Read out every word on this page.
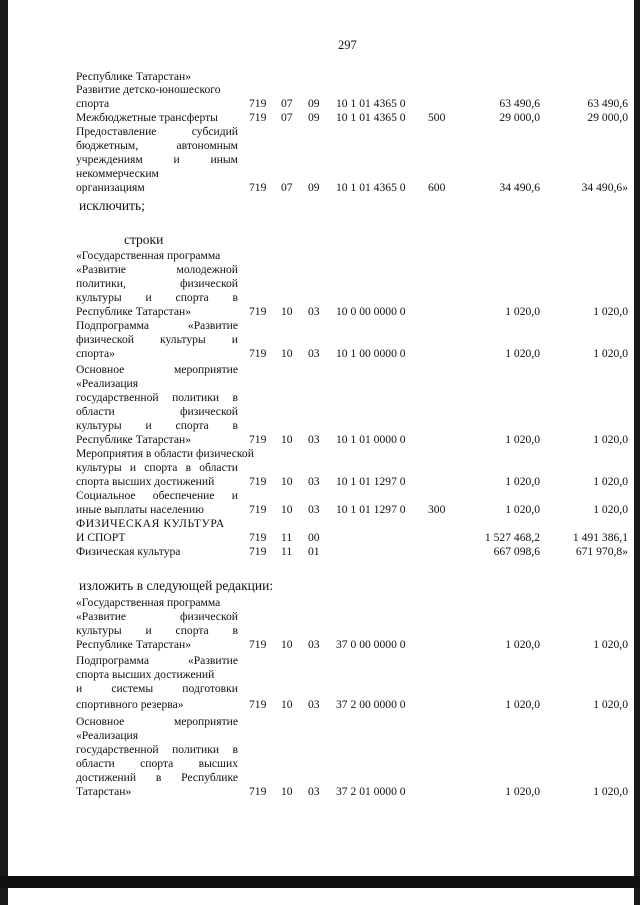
297
Республике Татарстан»
Развитие детско-юношеского
спорта	719 07 09 10 1 01 4365 0	63 490,6	63 490,6
Межбюджетные трансферты	719 07 09 10 1 01 4365 0 500	29 000,0	29 000,0
Предоставление субсидий
бюджетным, автономным
учреждениям и иным
некоммерческим
организациям	719 07 09 10 1 01 4365 0 600	34 490,6	34 490,6»
исключить;
строки
«Государственная программа
«Развитие молодежной
политики, физической
культуры и спорта в
Республике Татарстан»	719 10 03 10 0 00 0000 0	1 020,0	1 020,0
Подпрограмма «Развитие
физической культуры и
спорта»	719 10 03 10 1 00 0000 0	1 020,0	1 020,0
Основное мероприятие
«Реализация
государственной политики в
области физической
культуры и спорта в
Республике Татарстан»	719 10 03 10 1 01 0000 0	1 020,0	1 020,0
Мероприятия в области физической
культуры и спорта в области
спорта высших достижений	719 10 03 10 1 01 1297 0	1 020,0	1 020,0
Социальное обеспечение и
иные выплаты населению	719 10 03 10 1 01 1297 0 300	1 020,0	1 020,0
ФИЗИЧЕСКАЯ КУЛЬТУРА
И СПОРТ	719 11 00	1 527 468,2	1 491 386,1
Физическая культура	719 11 01	667 098,6	671 970,8»
изложить в следующей редакции:
«Государственная программа
«Развитие физической
культуры и спорта в
Республике Татарстан»	719 10 03 37 0 00 0000 0	1 020,0	1 020,0
Подпрограмма «Развитие
спорта высших достижений
и системы подготовки
спортивного резерва»	719 10 03 37 2 00 0000 0	1 020,0	1 020,0
Основное мероприятие
«Реализация
государственной политики в
области спорта высших
достижений в Республике
Татарстан»	719 10 03 37 2 01 0000 0	1 020,0	1 020,0
